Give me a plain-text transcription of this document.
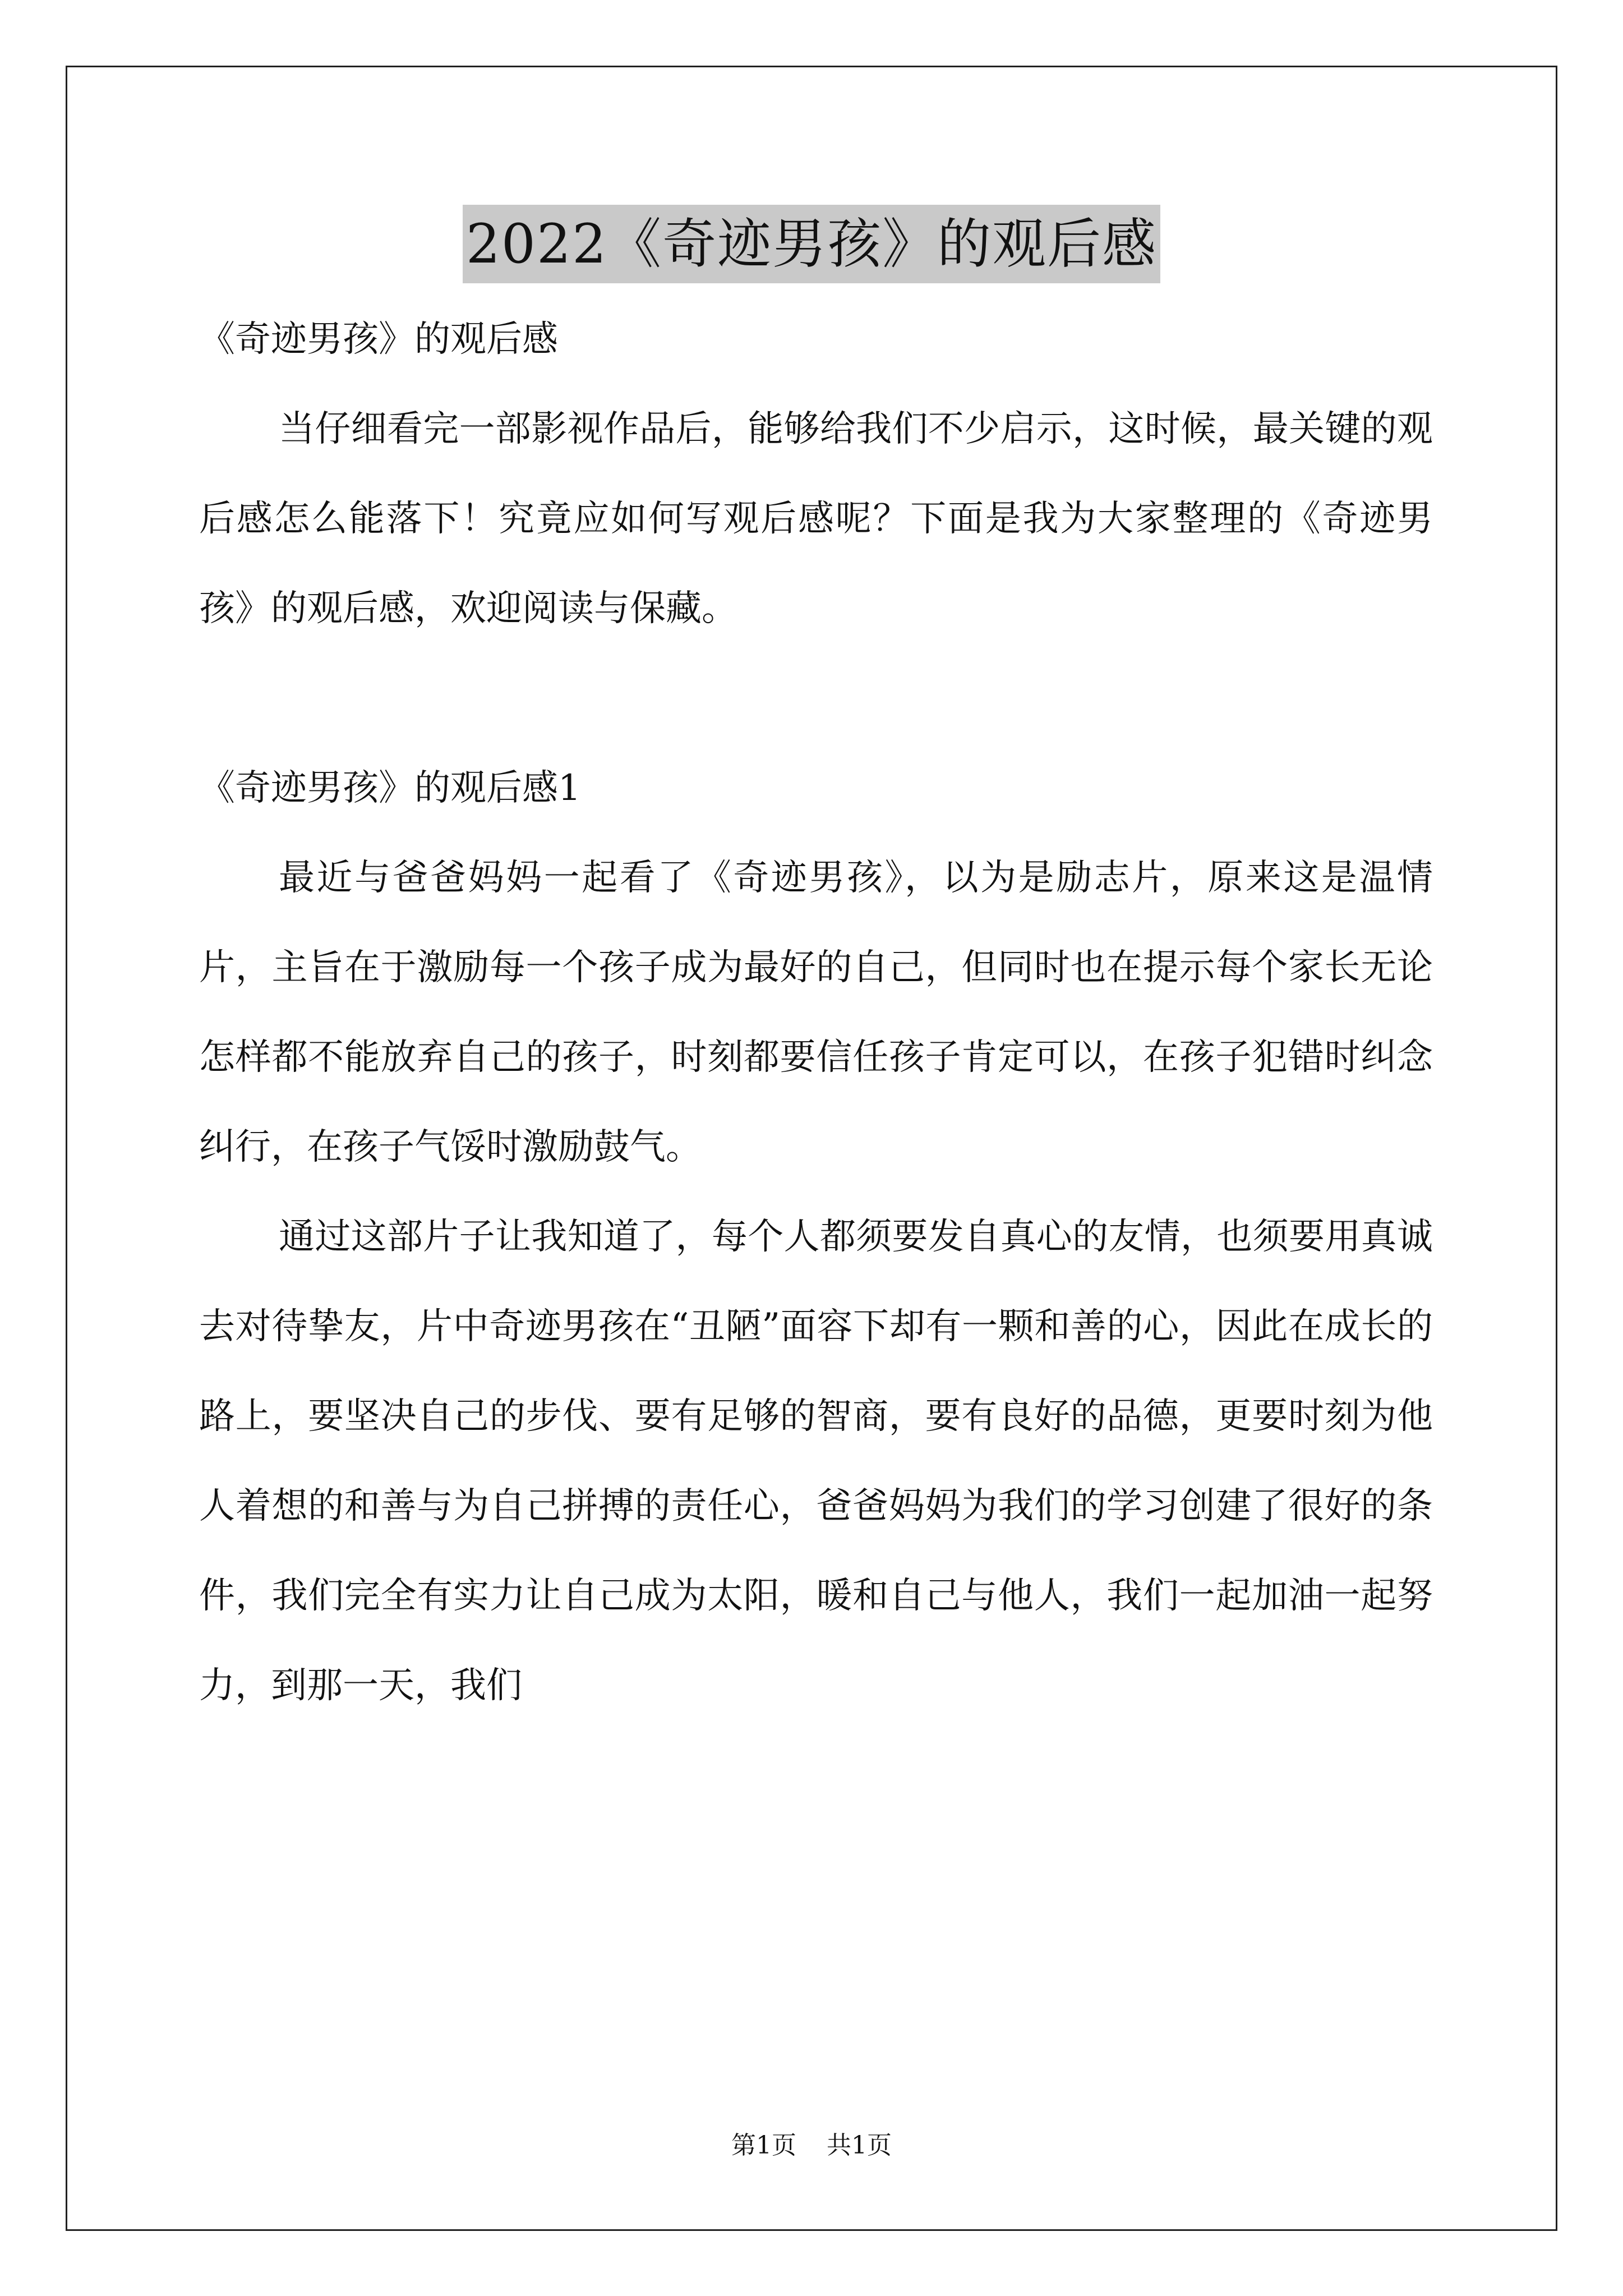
2022《奇迹男孩》的观后感
《奇迹男孩》的观后感

当仔细看完一部影视作品后，能够给我们不少启示，这时候，最关键的观后感怎么能落下！究竟应如何写观后感呢？下面是我为大家整理的《奇迹男孩》的观后感，欢迎阅读与保藏。

《奇迹男孩》的观后感1

最近与爸爸妈妈一起看了《奇迹男孩》，以为是励志片，原来这是温情片，主旨在于激励每一个孩子成为最好的自己，但同时也在提示每个家长无论怎样都不能放弃自己的孩子，时刻都要信任孩子肯定可以，在孩子犯错时纠念纠行，在孩子气馁时激励鼓气。

通过这部片子让我知道了，每个人都须要发自真心的友情，也须要用真诚去对待挚友，片中奇迹男孩在“丑陋”面容下却有一颗和善的心，因此在成长的路上，要坚决自己的步伐、要有足够的智商，要有良好的品德，更要时刻为他人着想的和善与为自己拼搏的责任心，爸爸妈妈为我们的学习创建了很好的条件，我们完全有实力让自己成为太阳，暖和自己与他人，我们一起加油一起努力，到那一天，我们

第1页 共1页
